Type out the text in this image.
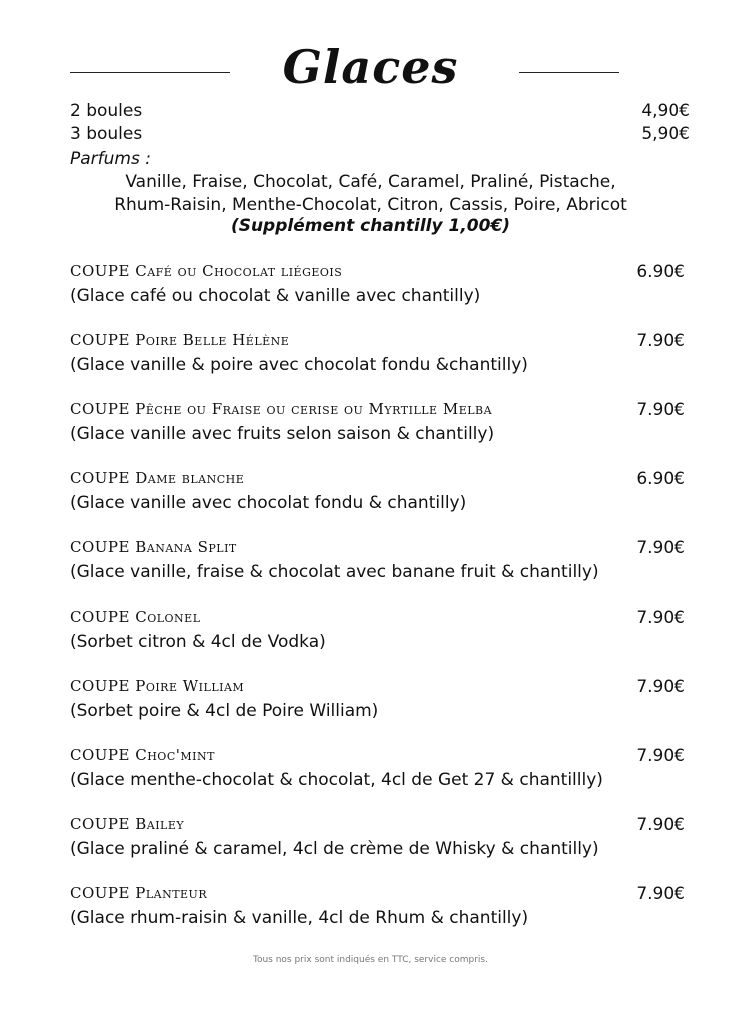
Glaces
2 boules	4,90€
3 boules	5,90€
Parfums :
Vanille, Fraise, Chocolat, Café, Caramel, Praliné, Pistache,
Rhum-Raisin, Menthe-Chocolat, Citron, Cassis, Poire, Abricot
(Supplément chantilly 1,00€)
COUPE Café ou Chocolat liégeois	6.90€
(Glace café ou chocolat & vanille avec chantilly)
COUPE Poire Belle Hélène	7.90€
(Glace vanille & poire avec chocolat fondu &chantilly)
COUPE Pêche ou Fraise ou cerise ou Myrtille Melba	7.90€
(Glace vanille avec fruits selon saison & chantilly)
COUPE Dame blanche	6.90€
(Glace vanille avec chocolat fondu & chantilly)
COUPE Banana Split	7.90€
(Glace vanille, fraise & chocolat avec banane fruit & chantilly)
COUPE Colonel	7.90€
(Sorbet citron & 4cl de Vodka)
COUPE Poire William	7.90€
(Sorbet poire & 4cl de Poire William)
COUPE Choc'mint	7.90€
(Glace menthe-chocolat & chocolat, 4cl de Get 27 & chantillly)
COUPE Bailey	7.90€
(Glace praliné & caramel, 4cl de crème de Whisky & chantilly)
COUPE Planteur	7.90€
(Glace rhum-raisin & vanille, 4cl de Rhum & chantilly)
Tous nos prix sont indiqués en TTC, service compris.
